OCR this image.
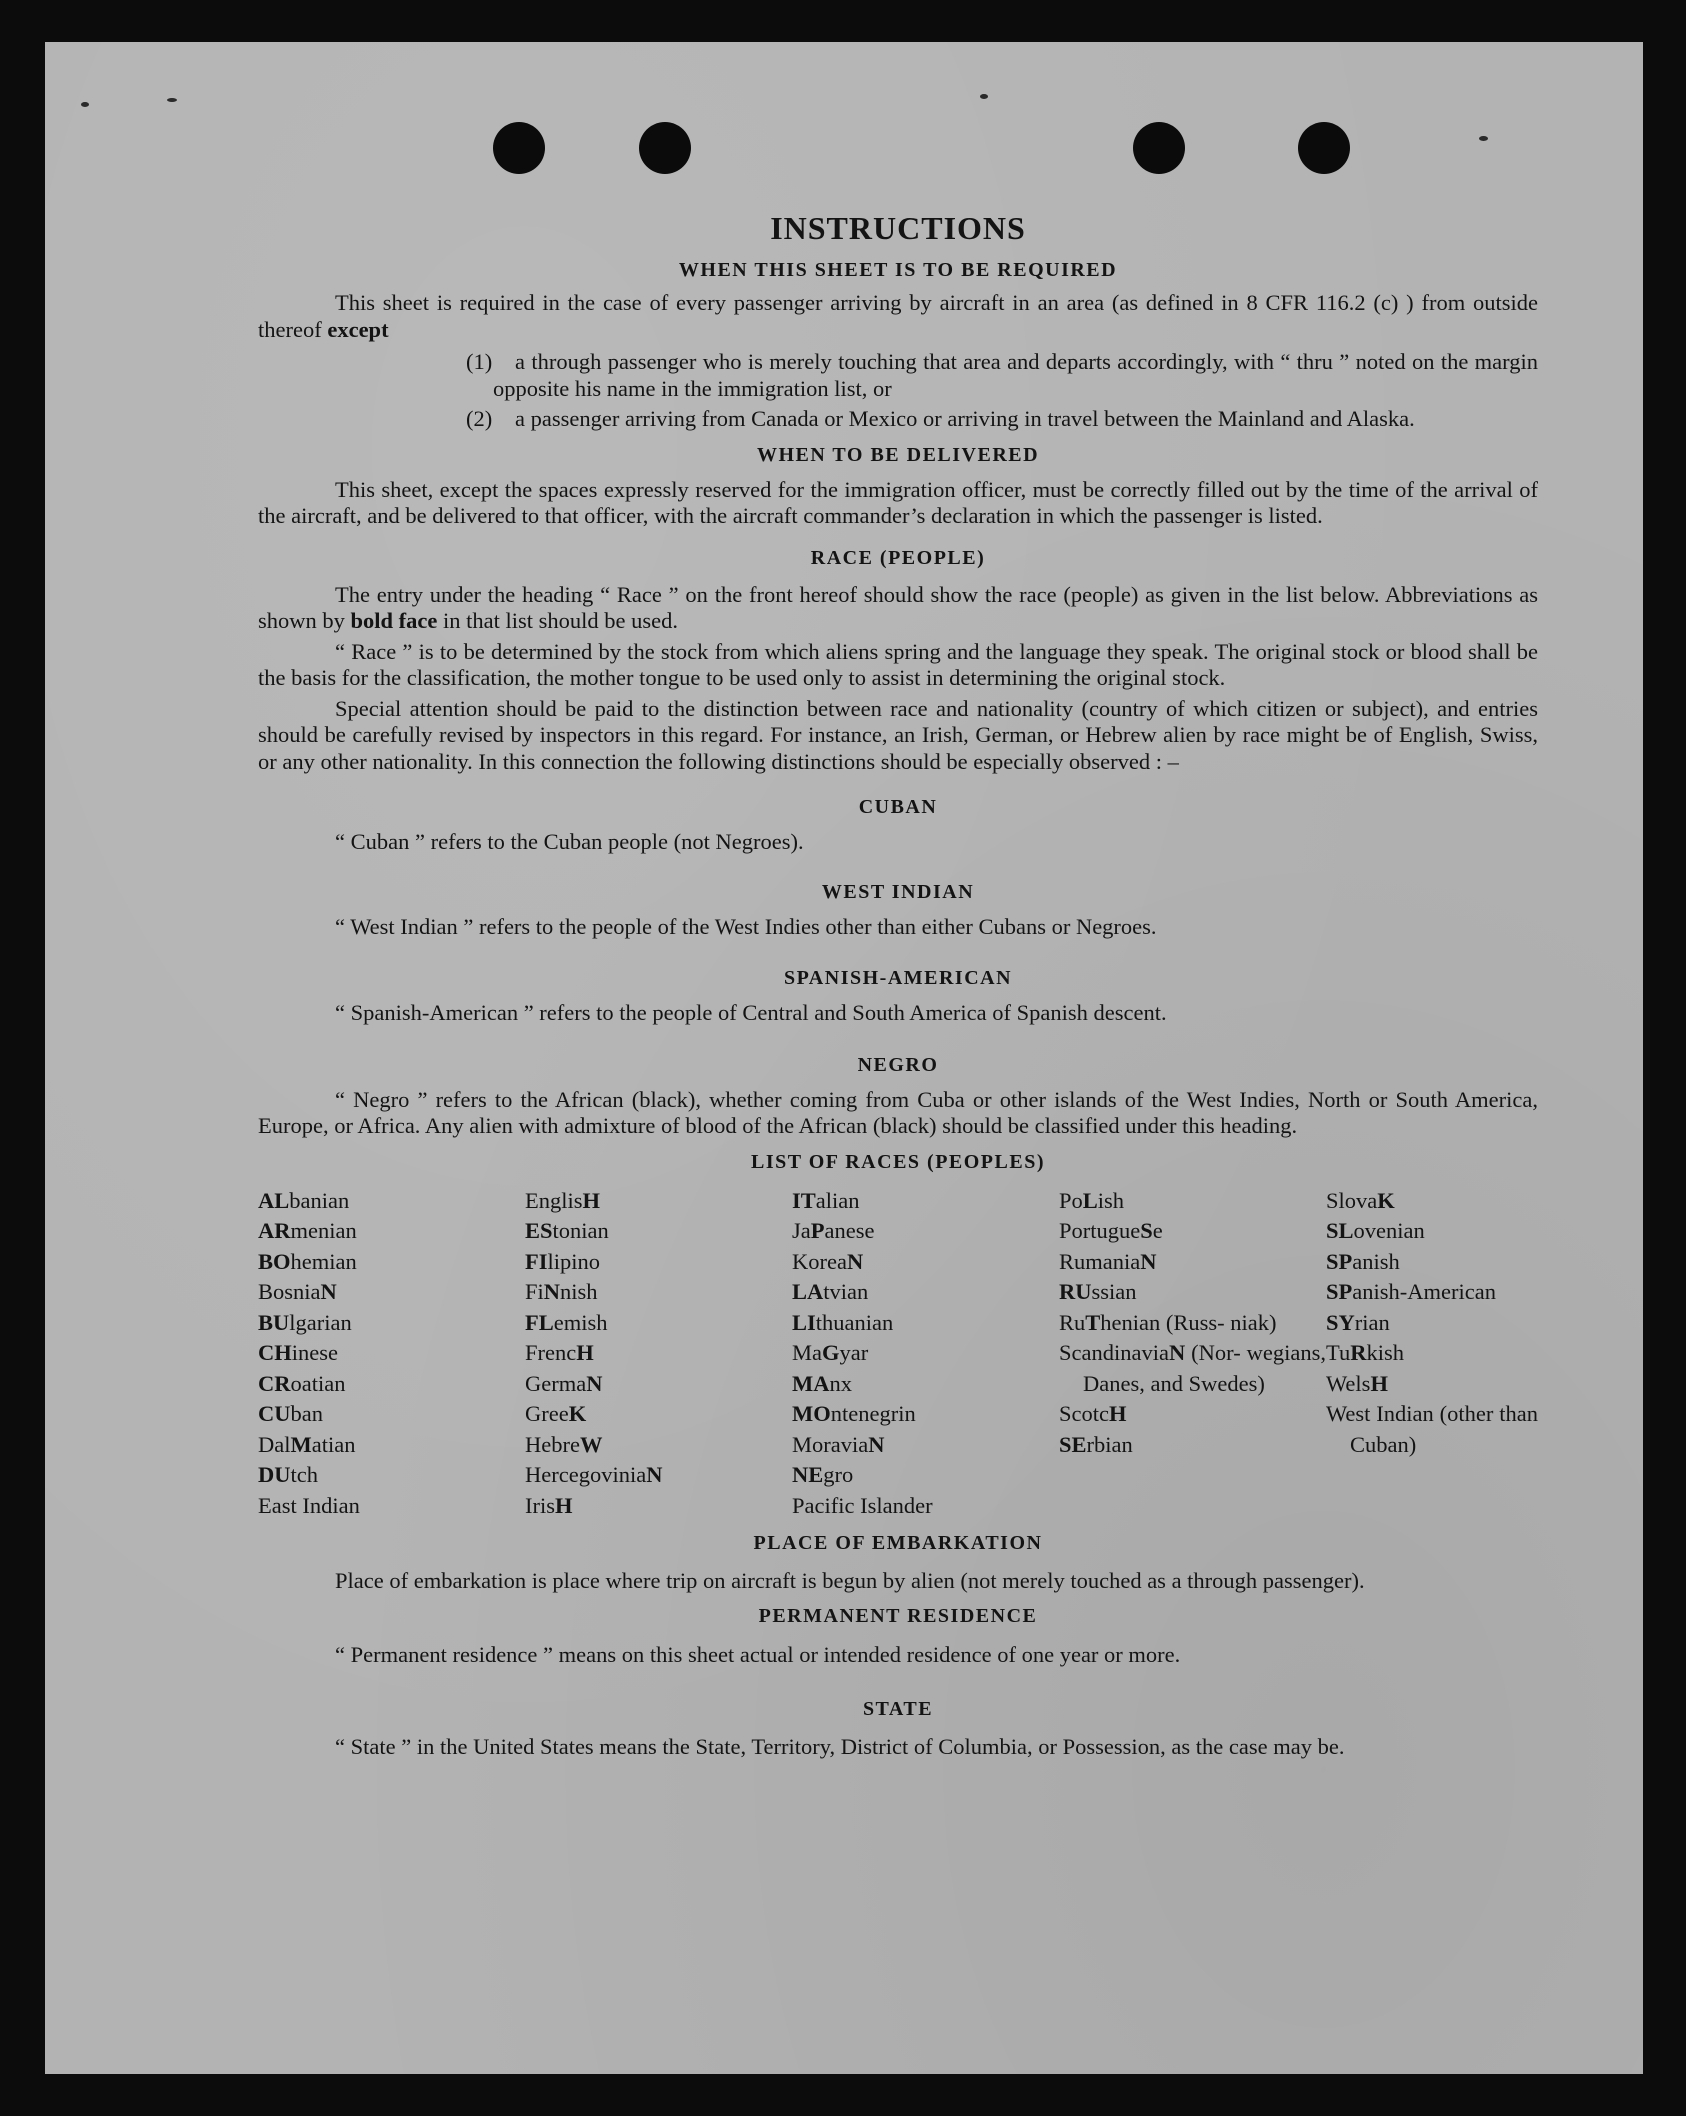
INSTRUCTIONS
WHEN THIS SHEET IS TO BE REQUIRED

This sheet is required in the case of every passenger arriving by aircraft in an area (as defined in 8 CFR 116.2 (c) ) from outside thereof except

(1) a through passenger who is merely touching that area and departs accordingly, with “ thru ” noted on the margin opposite his name in the immigration list, or
(2) a passenger arriving from Canada or Mexico or arriving in travel between the Mainland and Alaska.
WHEN TO BE DELIVERED

This sheet, except the spaces expressly reserved for the immigration officer, must be correctly filled out by the time of the arrival of the aircraft, and be delivered to that officer, with the aircraft commander’s declaration in which the passenger is listed.

RACE (PEOPLE)

The entry under the heading “ Race ” on the front hereof should show the race (people) as given in the list below. Abbreviations as shown by bold face in that list should be used.

“ Race ” is to be determined by the stock from which aliens spring and the language they speak. The original stock or blood shall be the basis for the classification, the mother tongue to be used only to assist in determining the original stock.

Special attention should be paid to the distinction between race and nationality (country of which citizen or subject), and entries should be carefully revised by inspectors in this regard. For instance, an Irish, German, or Hebrew alien by race might be of English, Swiss, or any other nationality. In this connection the following distinctions should be especially observed : –

CUBAN
“ Cuban ” refers to the Cuban people (not Negroes).
WEST INDIAN
“ West Indian ” refers to the people of the West Indies other than either Cubans or Negroes.
SPANISH-AMERICAN
“ Spanish-American ” refers to the people of Central and South America of Spanish descent.
NEGRO

“ Negro ” refers to the African (black), whether coming from Cuba or other islands of the West Indies, North or South America, Europe, or Africa. Any alien with admixture of blood of the African (black) should be classified under this heading.

LIST OF RACES (PEOPLES)
ALbanian
ARmenian
BOhemian
BosniaN
BUlgarian
CHinese
CRoatian
CUban
DalMatian
DUtch
East Indian
EnglisH
EStonian
FIlipino
FiNnish
FLemish
FrencH
GermaN
GreeK
HebreW
HercegoviniaN
IrisH
ITalian
JaPanese
KoreaN
LAtvian
LIthuanian
MaGyar
MAnx
MOntenegrin
MoraviaN
NEgro
Pacific Islander
PoLish
PortugueSe
RumaniaN
RUssian
RuThenian (Russ- niak)
ScandinaviaN (Nor- wegians, Danes, and Swedes)
ScotcH
SErbian
SlovaK
SLovenian
SPanish
SPanish-American
SYrian
TuRkish
WelsH
West Indian (other than Cuban)
PLACE OF EMBARKATION

Place of embarkation is place where trip on aircraft is begun by alien (not merely touched as a through passenger).

PERMANENT RESIDENCE
“ Permanent residence ” means on this sheet actual or intended residence of one year or more.
STATE

“ State ” in the United States means the State, Territory, District of Columbia, or Possession, as the case may be.
